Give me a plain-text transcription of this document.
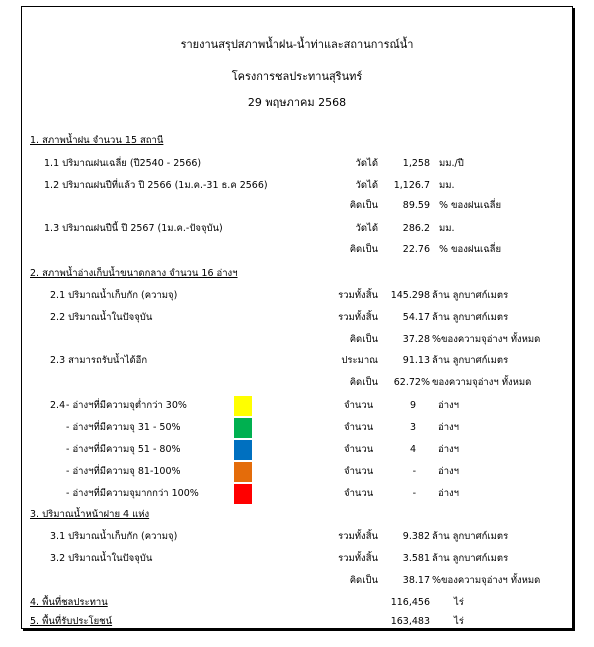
รายงานสรุปสภาพน้ำฝน-น้ำท่าและสถานการณ์น้ำ
โครงการชลประทานสุรินทร์
29 พฤษภาคม 2568
1. สภาพน้ำฝน จำนวน 15 สถานี
1.1 ปริมาณฝนเฉลี่ย (ปี2540 - 2566)	วัดได้	1,258 มม./ปี
1.2 ปริมาณฝนปีที่แล้ว ปี 2566 (1ม.ค.-31 ธ.ค 2566)	วัดได้	1,126.7 มม.
คิดเป็น	89.59 % ของฝนเฉลี่ย
1.3 ปริมาณฝนปีนี้ ปี 2567 (1ม.ค.-ปัจจุบัน)	วัดได้	286.2 มม.
คิดเป็น	22.76 % ของฝนเฉลี่ย
2. สภาพน้ำอ่างเก็บน้ำขนาดกลาง จำนวน 16 อ่างฯ
2.1 ปริมาณน้ำเก็บกัก (ความจุ)	รวมทั้งสิ้น	145.298 ล้าน ลูกบาศก์เมตร
2.2 ปริมาณน้ำในปัจจุบัน	รวมทั้งสิ้น	54.17 ล้าน ลูกบาศก์เมตร
คิดเป็น	37.28 %ของความจุอ่างฯ ทั้งหมด
2.3 สามารถรับน้ำได้อีก	ประมาณ	91.13 ล้าน ลูกบาศก์เมตร
คิดเป็น	62.72% ของความจุอ่างฯ ทั้งหมด
2.4 - อ่างฯที่มีความจุต่ำกว่า 30%	จำนวน	9 อ่างฯ
- อ่างฯที่มีความจุ 31 - 50%	จำนวน	3 อ่างฯ
- อ่างฯที่มีความจุ 51 - 80%	จำนวน	4 อ่างฯ
- อ่างฯที่มีความจุ 81-100%	จำนวน	- อ่างฯ
- อ่างฯที่มีความจุมากกว่า 100%	จำนวน	- อ่างฯ
3. ปริมาณน้ำหน้าฝาย 4 แห่ง
3.1 ปริมาณน้ำเก็บกัก (ความจุ)	รวมทั้งสิ้น	9.382 ล้าน ลูกบาศก์เมตร
3.2 ปริมาณน้ำในปัจจุบัน	รวมทั้งสิ้น	3.581 ล้าน ลูกบาศก์เมตร
คิดเป็น	38.17 %ของความจุอ่างฯ ทั้งหมด
4. พื้นที่ชลประทาน	116,456	ไร่
5. พื้นที่รับประโยชน์	163,483	ไร่
